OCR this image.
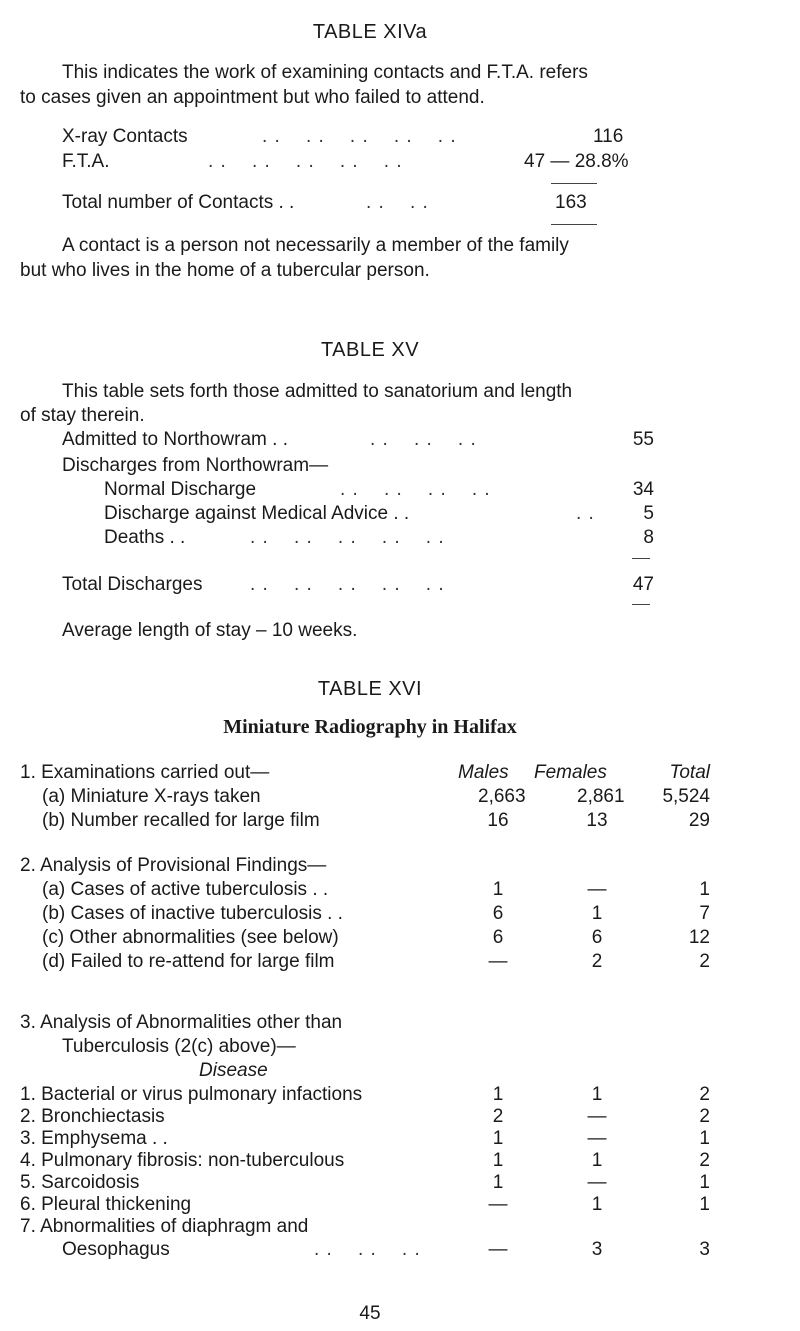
TABLE XIVa
This indicates the work of examining contacts and F.T.A. refers
to cases given an appointment but who failed to attend.
X-ray Contacts	. .    . .    . .    . .    . .	116
F.T.A.	. .    . .    . .    . .    . .	47 — 28.8%
Total number of Contacts . .	. .    . .	163
A contact is a person not necessarily a member of the family
but who lives in the home of a tubercular person.
TABLE XV
This table sets forth those admitted to sanatorium and length
of stay therein.
Admitted to Northowram . .	. .    . .    . .	55
Discharges from Northowram—
Normal Discharge	. .    . .    . .    . .	34
Discharge against Medical Advice . .	. .	5
Deaths . .	. .    . .    . .    . .    . .	8
Total Discharges	. .    . .    . .    . .    . .	47
Average length of stay – 10 weeks.
TABLE XVI
Miniature Radiography in Halifax
1. Examinations carried out—	Males Females	Total
(a) Miniature X-rays taken	2,663	2,861	5,524
(b) Number recalled for large film	16	13	29
2. Analysis of Provisional Findings—
(a) Cases of active tuberculosis . .	1	—	1
(b) Cases of inactive tuberculosis . .	6	1	7
(c) Other abnormalities (see below)	6	6	12
(d) Failed to re-attend for large film	—	2	2
3. Analysis of Abnormalities other than
Tuberculosis (2(c) above)—
Disease
1. Bacterial or virus pulmonary infactions	1	1	2
2. Bronchiectasis	2	—	2
3. Emphysema . .	1	—	1
4. Pulmonary fibrosis: non-tuberculous	1	1	2
5. Sarcoidosis	1	—	1
6. Pleural thickening	—	1	1
7. Abnormalities of diaphragm and
Oesophagus	. .    . .    . .	—	3	3
45
